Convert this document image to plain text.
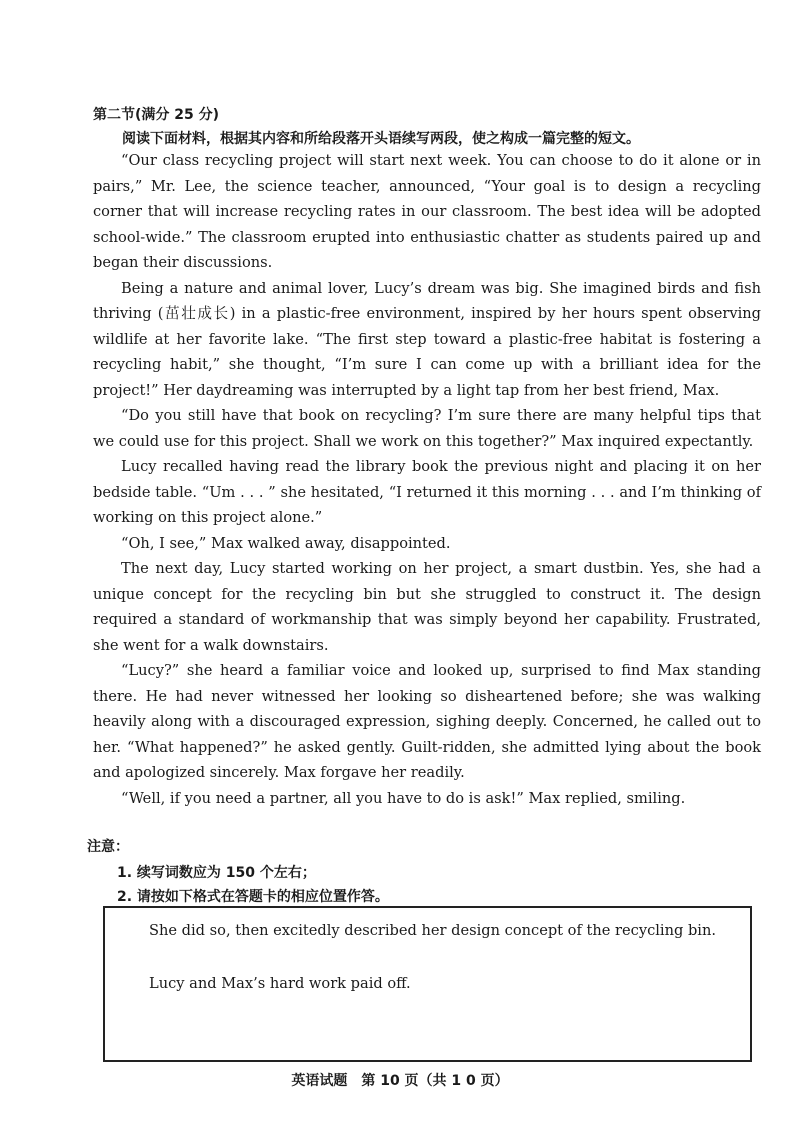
第二节(满分 25 分)
阅读下面材料，根据其内容和所给段落开头语续写两段，使之构成一篇完整的短文。

“Our class recycling project will start next week. You can choose to do it alone or in pairs,” Mr. Lee, the science teacher, announced, “Your goal is to design a recycling corner that will increase recycling rates in our classroom. The best idea will be adopted school-wide.” The classroom erupted into enthusiastic chatter as students paired up and began their discussions.

Being a nature and animal lover, Lucy’s dream was big. She imagined birds and fish thriving (茁壮成长) in a plastic-free environment, inspired by her hours spent observing wildlife at her favorite lake. “The first step toward a plastic-free habitat is fostering a recycling habit,” she thought, “I’m sure I can come up with a brilliant idea for the project!” Her daydreaming was interrupted by a light tap from her best friend, Max.

“Do you still have that book on recycling? I’m sure there are many helpful tips that we could use for this project. Shall we work on this together?” Max inquired expectantly.

Lucy recalled having read the library book the previous night and placing it on her bedside table. “Um . . . ” she hesitated, “I returned it this morning . . . and I’m thinking of working on this project alone.”

“Oh, I see,” Max walked away, disappointed.

The next day, Lucy started working on her project, a smart dustbin. Yes, she had a unique concept for the recycling bin but she struggled to construct it. The design required a standard of workmanship that was simply beyond her capability. Frustrated, she went for a walk downstairs.

“Lucy?” she heard a familiar voice and looked up, surprised to find Max standing there. He had never witnessed her looking so disheartened before; she was walking heavily along with a discouraged expression, sighing deeply. Concerned, he called out to her. “What happened?” he asked gently. Guilt-ridden, she admitted lying about the book and apologized sincerely. Max forgave her readily.

“Well, if you need a partner, all you have to do is ask!” Max replied, smiling.

注意：
1. 续写词数应为 150 个左右；
2. 请按如下格式在答题卡的相应位置作答。
She did so, then excitedly described her design concept of the recycling bin.
Lucy and Max’s hard work paid off.
英语试题　第 10 页（共 1 0 页）
